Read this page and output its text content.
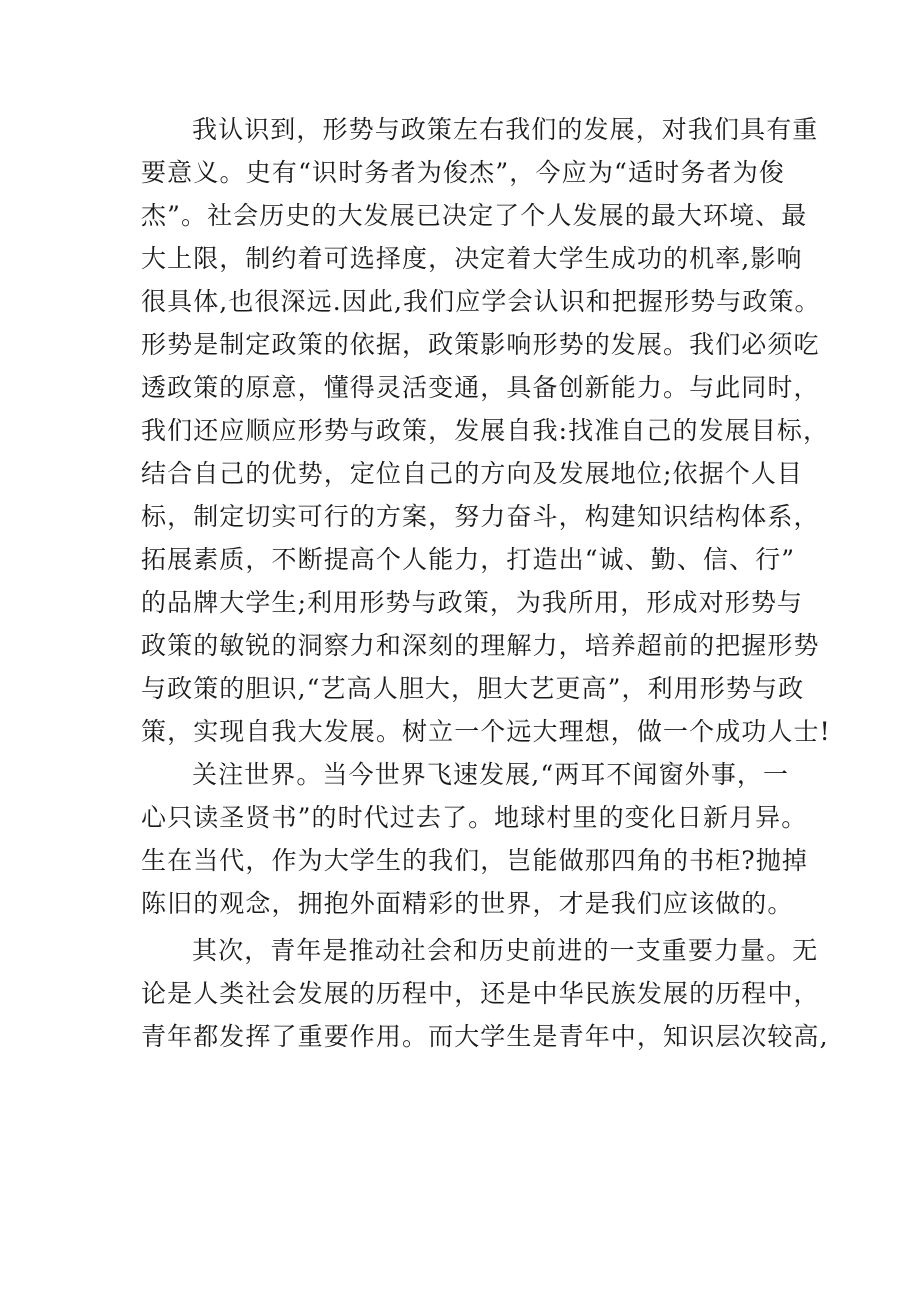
我认识到，形势与政策左右我们的发展，对我们具有重
要意义。史有“识时务者为俊杰”，今应为“适时务者为俊
杰”。社会历史的大发展已决定了个人发展的最大环境、最
大上限，制约着可选择度，决定着大学生成功的机率,影响
很具体,也很深远.因此,我们应学会认识和把握形势与政策。
形势是制定政策的依据，政策影响形势的发展。我们必须吃
透政策的原意，懂得灵活变通，具备创新能力。与此同时，
我们还应顺应形势与政策，发展自我:找准自己的发展目标，
结合自己的优势，定位自己的方向及发展地位;依据个人目
标，制定切实可行的方案，努力奋斗，构建知识结构体系，
拓展素质，不断提高个人能力，打造出“诚、勤、信、行”
的品牌大学生;利用形势与政策，为我所用，形成对形势与
政策的敏锐的洞察力和深刻的理解力，培养超前的把握形势
与政策的胆识,“艺高人胆大，胆大艺更高”，利用形势与政
策，实现自我大发展。树立一个远大理想，做一个成功人士!
关注世界。当今世界飞速发展,“两耳不闻窗外事，一
心只读圣贤书”的时代过去了。地球村里的变化日新月异。
生在当代，作为大学生的我们，岂能做那四角的书柜?抛掉
陈旧的观念，拥抱外面精彩的世界，才是我们应该做的。
其次，青年是推动社会和历史前进的一支重要力量。无
论是人类社会发展的历程中，还是中华民族发展的历程中，
青年都发挥了重要作用。而大学生是青年中，知识层次较高,
